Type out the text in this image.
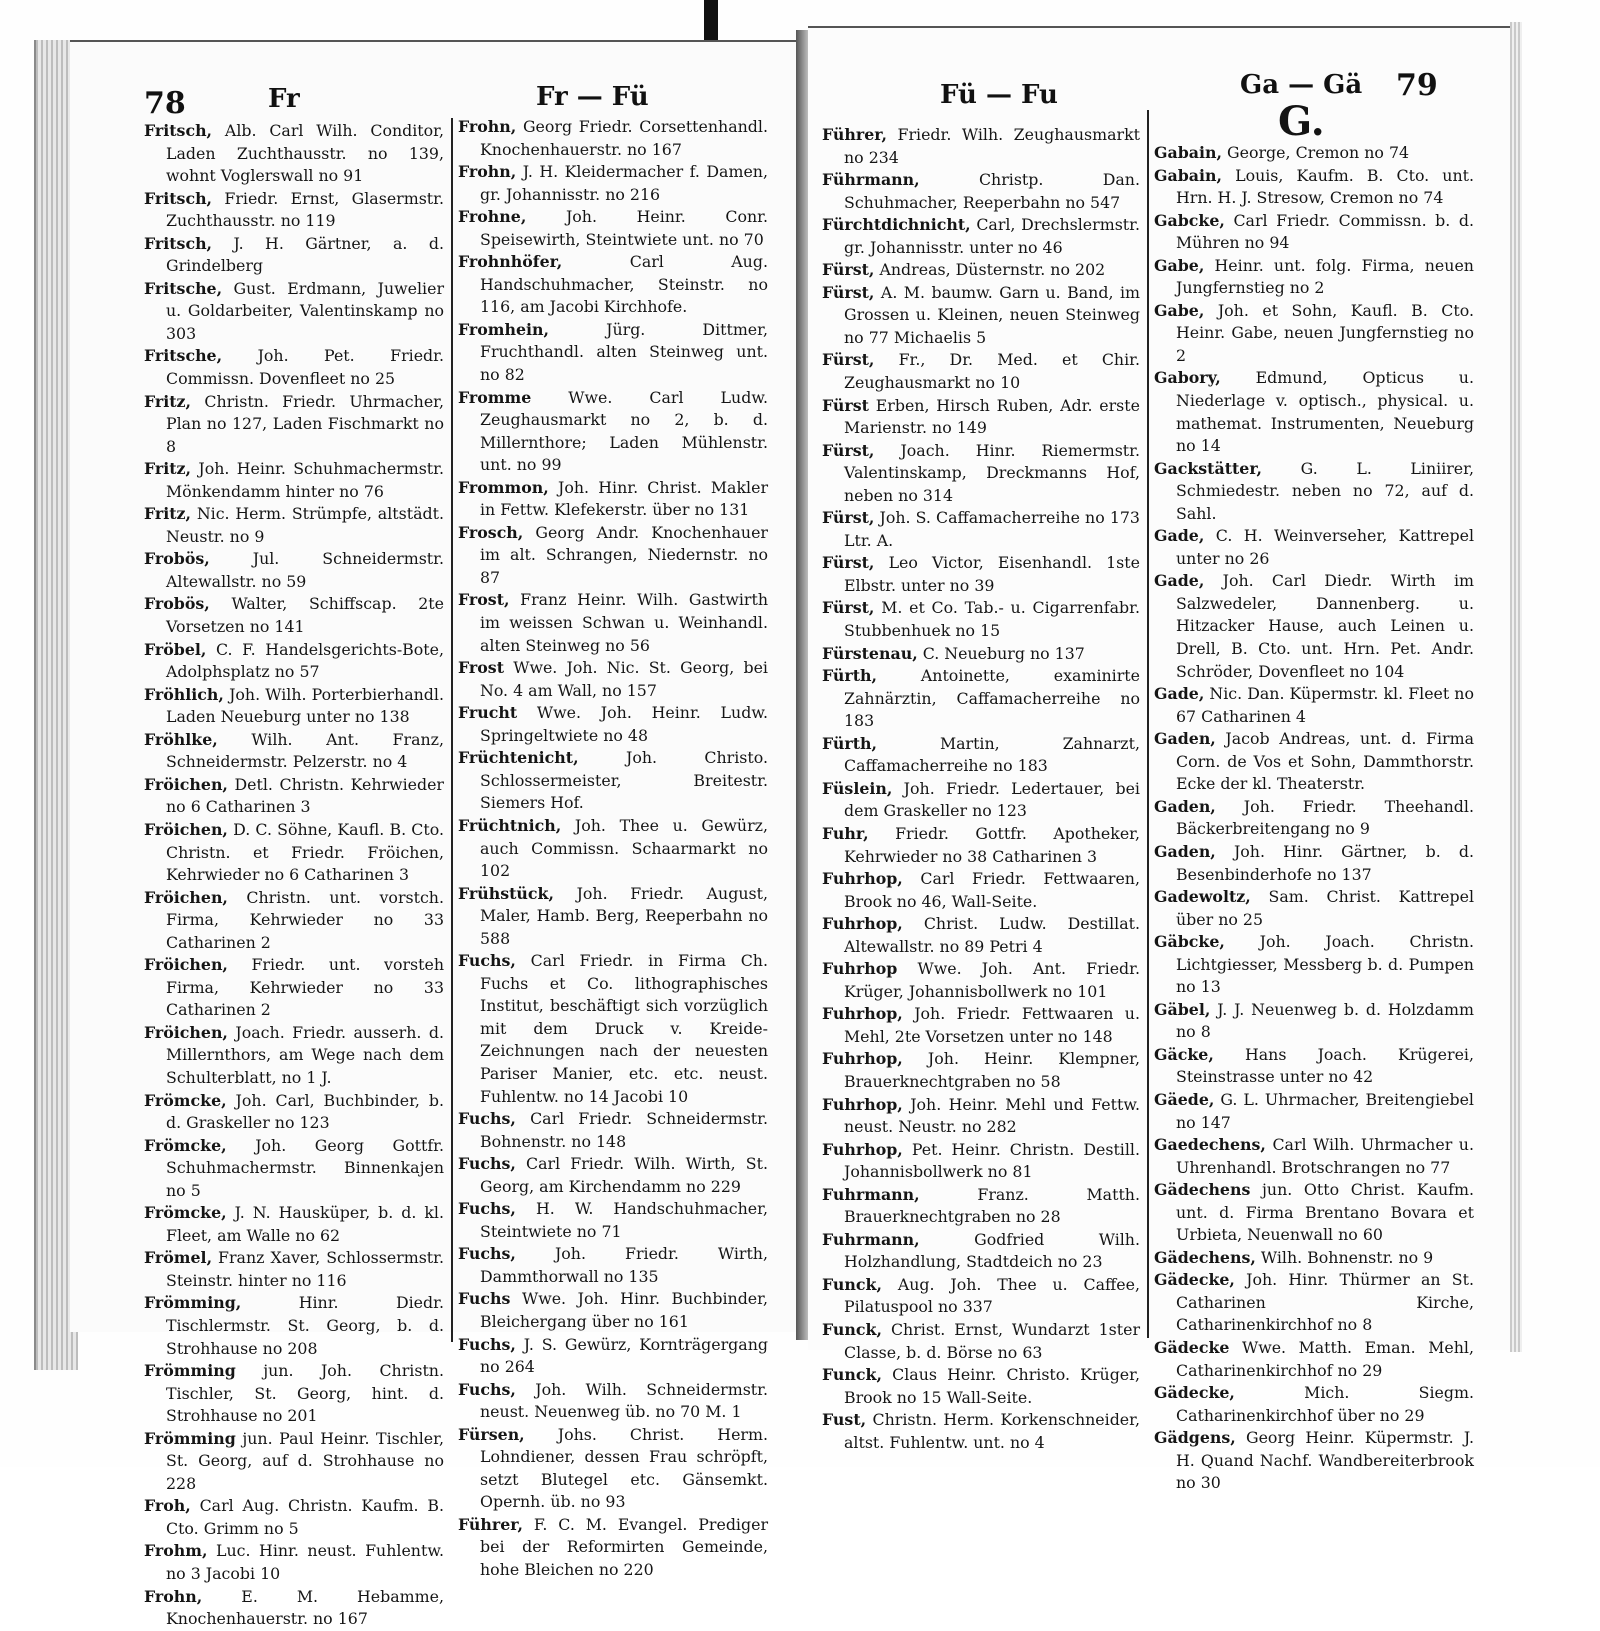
78	Fr	Fr — Fü

Fritsch, Alb. Carl Wilh. Conditor, Laden Zuchthausstr. no 139, wohnt Voglerswall no 91

Fritsch, Friedr. Ernst, Glasermstr. Zuchthausstr. no 119

Fritsch, J. H. Gärtner, a. d. Grindelberg

Fritsche, Gust. Erdmann, Juwelier u. Goldarbeiter, Valentinskamp no 303

Fritsche, Joh. Pet. Friedr. Commissn. Dovenfleet no 25

Fritz, Christn. Friedr. Uhrmacher, Plan no 127, Laden Fischmarkt no 8

Fritz, Joh. Heinr. Schuhmachermstr. Mönkendamm hinter no 76

Fritz, Nic. Herm. Strümpfe, altstädt. Neustr. no 9

Frobös,	Jul. Schneidermstr. Altewallstr. no 59

Frobös, Walter, Schiffscap. 2te Vorsetzen no 141

Fröbel, C. F. Handelsgerichts-Bote, Adolphsplatz no 57

Fröhlich, Joh. Wilh. Porterbierhandl. Laden Neueburg unter no 138

Fröhlke, Wilh. Ant. Franz, Schneidermstr. Pelzerstr. no 4

Fröichen, Detl. Christn. Kehrwieder no 6 Catharinen 3

Fröichen, D. C. Söhne, Kaufl. B. Cto. Christn. et Friedr. Fröichen, Kehrwieder no 6 Catharinen 3

Fröichen, Christn. unt. vorstch. Firma, Kehrwieder no 33 Catharinen 2

Fröichen, Friedr. unt. vorsteh Firma, Kehrwieder no 33 Catharinen 2

Fröichen, Joach. Friedr. ausserh. d. Millernthors, am Wege nach dem Schulterblatt, no 1 J.

Frömcke, Joh. Carl, Buchbinder, b. d. Graskeller no 123

Frömcke, Joh. Georg Gottfr. Schuhmachermstr. Binnenkajen no 5

Frömcke, J. N. Hausküper, b. d. kl. Fleet, am Walle no 62

Frömel, Franz Xaver, Schlossermstr. Steinstr. hinter no 116

Frömming,	Hinr. Diedr. Tischlermstr. St. Georg, b. d. Strohhause no 208

Frömming jun. Joh. Christn. Tischler, St. Georg, hint. d. Strohhause no 201

Frömming jun. Paul Heinr. Tischler, St. Georg, auf d. Strohhause no 228

Froh, Carl Aug. Christn. Kaufm. B. Cto. Grimm no 5

Frohm, Luc. Hinr. neust. Fuhlentw. no 3 Jacobi 10

Frohn, E. M. Hebamme, Knochenhauerstr. no 167

Frohn, Georg Friedr. Corsettenhandl. Knochenhauerstr. no 167

Frohn, J. H. Kleidermacher f. Damen, gr. Johannisstr. no 216

Frohne,	Joh. Heinr. Conr. Speisewirth, Steintwiete unt. no 70

Frohnhöfer,	Carl Aug. Handschuhmacher, Steinstr. no 116, am Jacobi Kirchhofe.

Fromhein,	Jürg. Dittmer, Fruchthandl. alten Steinweg unt. no 82

Fromme Wwe. Carl Ludw. Zeughausmarkt no 2, b. d. Millernthore; Laden Mühlenstr. unt. no 99

Frommon, Joh. Hinr. Christ. Makler in Fettw. Klefekerstr. über no 131

Frosch, Georg Andr. Knochenhauer im alt. Schrangen, Niedernstr. no 87

Frost, Franz Heinr. Wilh. Gastwirth im weissen Schwan u. Weinhandl. alten Steinweg no 56

Frost Wwe. Joh. Nic. St. Georg, bei No. 4 am Wall, no 157

Frucht Wwe. Joh. Heinr. Ludw. Springeltwiete no 48

Früchtenicht,	Joh. Christo. Schlossermeister, Breitestr. Siemers Hof.

Früchtnich, Joh. Thee u. Gewürz, auch Commissn. Schaarmarkt no 102

Frühstück, Joh. Friedr. August, Maler, Hamb. Berg, Reeperbahn no 588

Fuchs, Carl Friedr. in Firma Ch. Fuchs et Co. lithographisches Institut, beschäftigt sich vorzüglich mit dem Druck v. Kreide-Zeichnungen nach der neuesten Pariser Manier, etc. etc. neust. Fuhlentw. no 14 Jacobi 10

Fuchs, Carl Friedr. Schneidermstr. Bohnenstr. no 148

Fuchs, Carl Friedr. Wilh. Wirth, St. Georg, am Kirchendamm no 229

Fuchs, H. W. Handschuhmacher, Steintwiete no 71

Fuchs, Joh. Friedr. Wirth, Dammthorwall no 135

Fuchs Wwe. Joh. Hinr. Buchbinder, Bleichergang über no 161

Fuchs, J. S. Gewürz, Kornträgergang no 264

Fuchs, Joh. Wilh. Schneidermstr. neust. Neuenweg üb. no 70 M. 1

Fürsen, Johs. Christ. Herm. Lohndiener, dessen Frau schröpft, setzt Blutegel etc. Gänsemkt. Opernh. üb. no 93

Führer, F. C. M. Evangel. Prediger bei der Reformirten Gemeinde, hohe Bleichen no 220

Fü — Fu	Ga — Gä 79

Führer, Friedr. Wilh. Zeughausmarkt no 234

Führmann,	Christp. Dan. Schuhmacher, Reeperbahn no 547

Fürchtdichnicht, Carl, Drechslermstr. gr. Johannisstr. unter no 46

Fürst, Andreas, Düsternstr. no 202

Fürst, A. M. baumw. Garn u. Band, im Grossen u. Kleinen, neuen Steinweg no 77 Michaelis 5

Fürst, Fr., Dr. Med. et Chir. Zeughausmarkt no 10

Fürst Erben, Hirsch Ruben, Adr. erste Marienstr. no 149

Fürst, Joach. Hinr. Riemermstr. Valentinskamp, Dreckmanns Hof, neben no 314

Fürst, Joh. S. Caffamacherreihe no 173 Ltr. A.

Fürst, Leo Victor, Eisenhandl. 1ste Elbstr. unter no 39

Fürst, M. et Co. Tab.- u. Cigarrenfabr. Stubbenhuek no 15

Fürstenau, C. Neueburg no 137

Fürth,	Antoinette, examinirte Zahnärztin, Caffamacherreihe no 183

Fürth,	Martin, Zahnarzt, Caffamacherreihe no 183

Füslein, Joh. Friedr. Ledertauer, bei dem Graskeller no 123

Fuhr, Friedr. Gottfr. Apotheker, Kehrwieder no 38 Catharinen 3

Fuhrhop, Carl Friedr. Fettwaaren, Brook no 46, Wall-Seite.

Fuhrhop, Christ. Ludw. Destillat. Altewallstr. no 89 Petri 4

Fuhrhop Wwe. Joh. Ant. Friedr. Krüger, Johannisbollwerk no 101

Fuhrhop, Joh. Friedr. Fettwaaren u. Mehl, 2te Vorsetzen unter no 148

Fuhrhop, Joh. Heinr. Klempner, Brauerknechtgraben no 58

Fuhrhop, Joh. Heinr. Mehl und Fettw. neust. Neustr. no 282

Fuhrhop, Pet. Heinr. Christn. Destill. Johannisbollwerk no 81

Fuhrmann,	Franz. Matth. Brauerknechtgraben no 28

Fuhrmann,	Godfried Wilh. Holzhandlung, Stadtdeich no 23

Funck, Aug. Joh. Thee u. Caffee, Pilatuspool no 337

Funck, Christ. Ernst, Wundarzt 1ster Classe, b. d. Börse no 63

Funck, Claus Heinr. Christo. Krüger, Brook no 15 Wall-Seite.

Fust, Christn. Herm. Korkenschneider, altst. Fuhlentw. unt. no 4

Gabain, George, Cremon no 74

Gabain, Louis, Kaufm. B. Cto. unt. Hrn. H. J. Stresow, Cremon no 74

Gabcke, Carl Friedr. Commissn. b. d. Mühren no 94

Gabe, Heinr. unt. folg. Firma, neuen Jungfernstieg no 2

Gabe, Joh. et Sohn, Kaufl. B. Cto. Heinr. Gabe, neuen Jungfernstieg no 2

Gabory, Edmund, Opticus u. Niederlage v. optisch., physical. u. mathemat. Instrumenten, Neueburg no 14

Gackstätter, G. L. Liniirer, Schmiedestr. neben no 72, auf d. Sahl.

Gade, C. H. Weinverseher, Kattrepel unter no 26

Gade, Joh. Carl Diedr. Wirth im Salzwedeler, Dannenberg. u. Hitzacker Hause, auch Leinen u. Drell, B. Cto. unt. Hrn. Pet. Andr. Schröder, Dovenfleet no 104

Gade, Nic. Dan. Küpermstr. kl. Fleet no 67 Catharinen 4

Gaden, Jacob Andreas, unt. d. Firma Corn. de Vos et Sohn, Dammthorstr. Ecke der kl. Theaterstr.

Gaden, Joh. Friedr. Theehandl. Bäckerbreitengang no 9

Gaden, Joh. Hinr. Gärtner, b. d. Besenbinderhofe no 137

Gadewoltz, Sam. Christ. Kattrepel über no 25

Gäbcke, Joh. Joach. Christn. Lichtgiesser, Messberg b. d. Pumpen no 13

Gäbel, J. J. Neuenweg b. d. Holzdamm no 8

Gäcke, Hans Joach. Krügerei, Steinstrasse unter no 42

Gäede, G. L. Uhrmacher, Breitengiebel no 147

Gaedechens, Carl Wilh. Uhrmacher u. Uhrenhandl. Brotschrangen no 77

Gädechens jun. Otto Christ. Kaufm. unt. d. Firma Brentano Bovara et Urbieta, Neuenwall no 60

Gädechens, Wilh. Bohnenstr. no 9

Gädecke, Joh. Hinr. Thürmer an St. Catharinen Kirche, Catharinenkirchhof no 8

Gädecke Wwe. Matth. Eman. Mehl, Catharinenkirchhof no 29

Gädecke,	Mich. Siegm. Catharinenkirchhof über no 29

Gädgens, Georg Heinr. Küpermstr. J. H. Quand Nachf. Wandbereiterbrook no 30

G.
